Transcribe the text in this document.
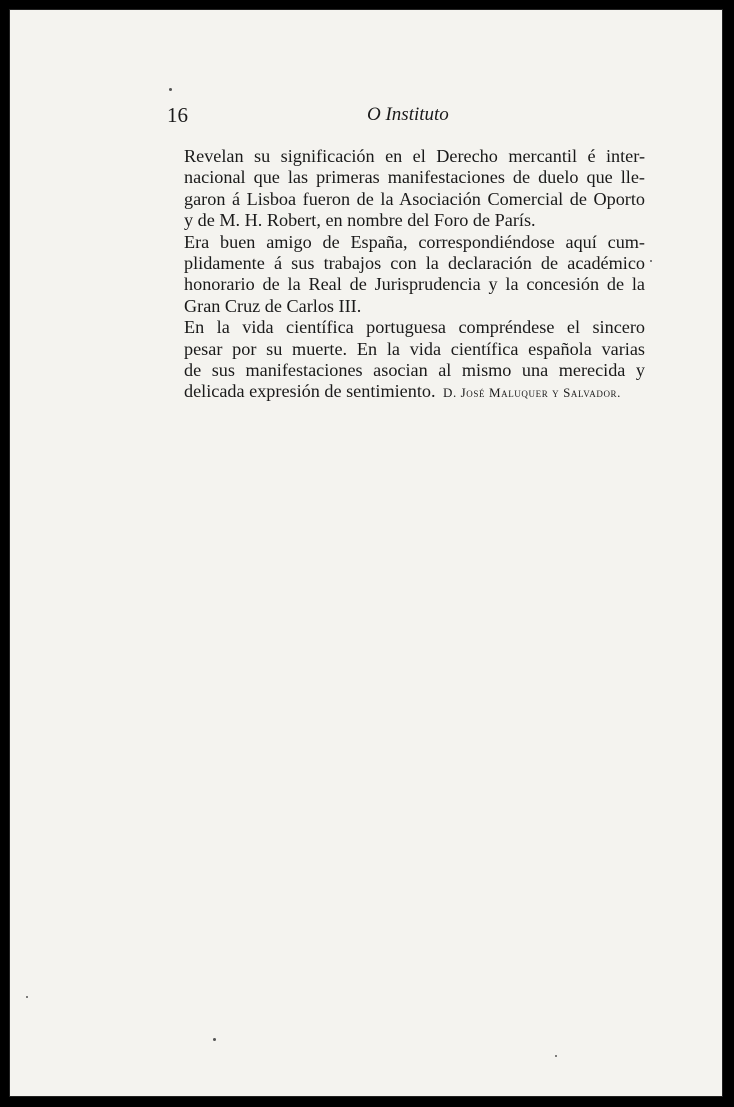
16	O Instituto

Revelan su significación en el Derecho mercantil é inter-
nacional que las primeras manifestaciones de duelo que lle-
garon á Lisboa fueron de la Asociación Comercial de Oporto
y de M. H. Robert, en nombre del Foro de París.

Era buen amigo de España, correspondiéndose aquí cum-
plidamente á sus trabajos con la declaración de académico
honorario de la Real de Jurisprudencia y la concesión de la
Gran Cruz de Carlos III.

En la vida científica portuguesa compréndese el sincero
pesar por su muerte. En la vida científica española varias
de sus manifestaciones asocian al mismo una merecida y
delicada expresión de sentimiento. D. José Maluquer y Salvador.
